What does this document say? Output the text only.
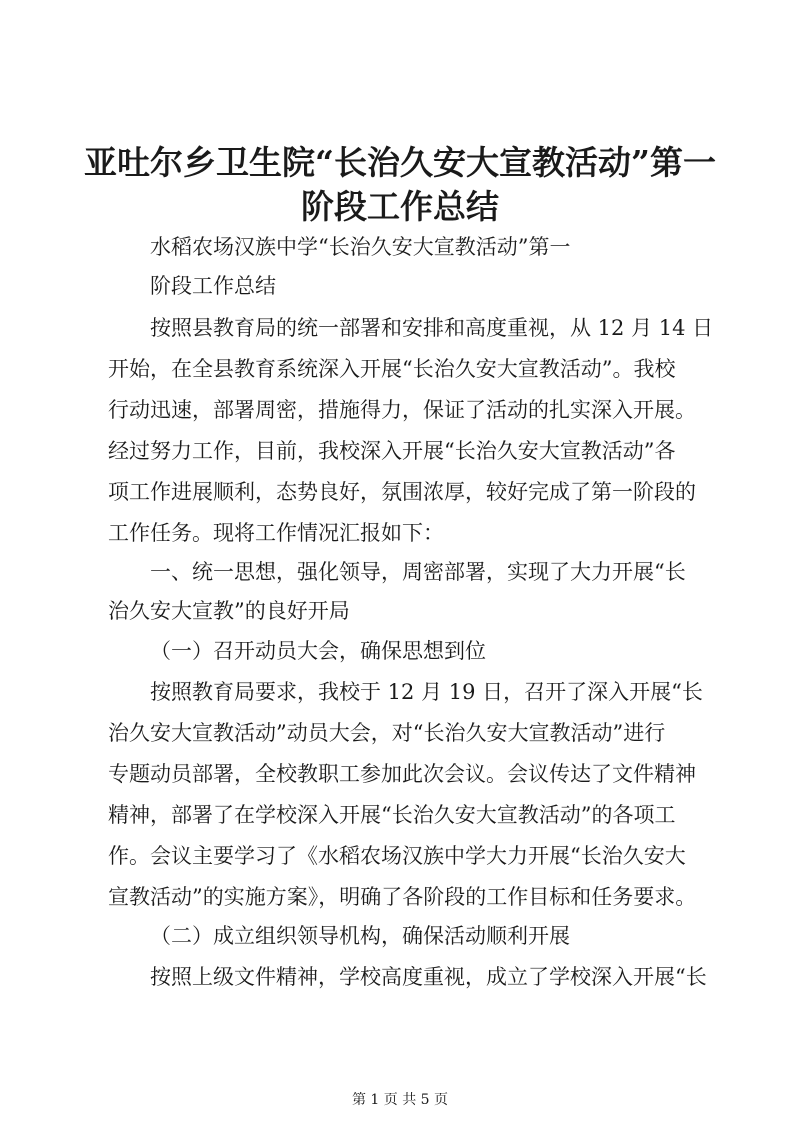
亚吐尔乡卫生院“长治久安大宣教活动”第一
阶段工作总结
水稻农场汉族中学“长治久安大宣教活动”第一
阶段工作总结
按照县教育局的统一部署和安排和高度重视，从 12 月 14 日
开始，在全县教育系统深入开展“长治久安大宣教活动”。我校
行动迅速，部署周密，措施得力，保证了活动的扎实深入开展。
经过努力工作，目前，我校深入开展“长治久安大宣教活动”各
项工作进展顺利，态势良好，氛围浓厚，较好完成了第一阶段的
工作任务。现将工作情况汇报如下：
一、统一思想，强化领导，周密部署，实现了大力开展“长
治久安大宣教”的良好开局
（一）召开动员大会，确保思想到位
按照教育局要求，我校于 12 月 19 日，召开了深入开展“长
治久安大宣教活动”动员大会，对“长治久安大宣教活动”进行
专题动员部署，全校教职工参加此次会议。会议传达了文件精神
精神，部署了在学校深入开展“长治久安大宣教活动”的各项工
作。会议主要学习了《水稻农场汉族中学大力开展“长治久安大
宣教活动”的实施方案》，明确了各阶段的工作目标和任务要求。
（二）成立组织领导机构，确保活动顺利开展
按照上级文件精神，学校高度重视，成立了学校深入开展“长
第 1 页 共 5 页
